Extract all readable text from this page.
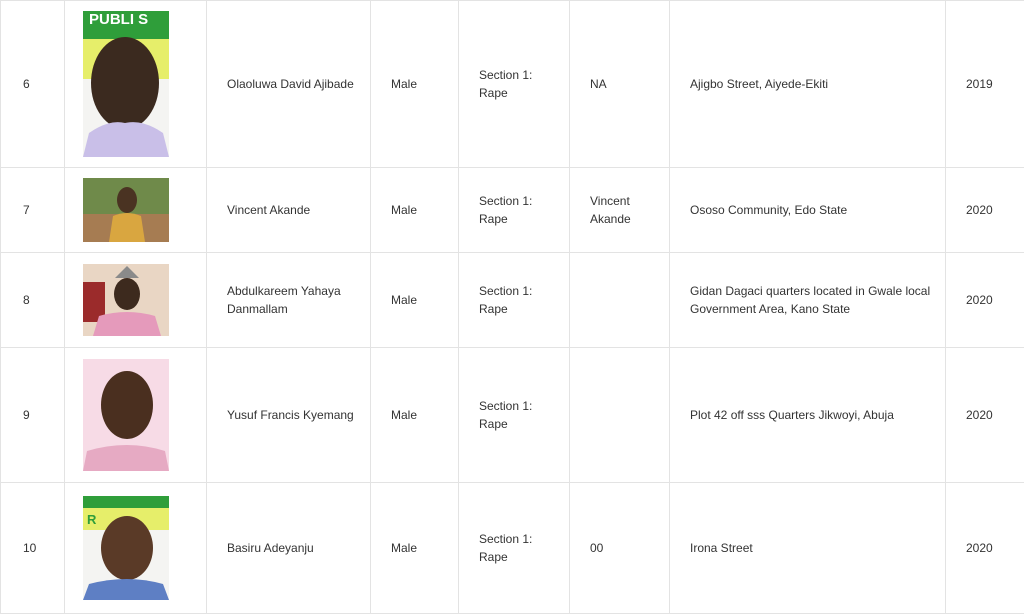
6	PUBLI S	Olaoluwa David Ajibade	Male	Section 1:
Rape	NA	Ajigbo Street, Aiyede-Ekiti	2019
7		Vincent Akande	Male	Section 1:
Rape	Vincent
Akande	Ososo Community, Edo State	2020
8		Abdulkareem Yahaya
Danmallam	Male	Section 1:
Rape		Gidan Dagaci quarters located in Gwale local
Government Area, Kano State	2020
9		Yusuf Francis Kyemang	Male	Section 1:
Rape		Plot 42 off sss Quarters Jikwoyi, Abuja	2020
10	R	Basiru Adeyanju	Male	Section 1:
Rape	00	Irona Street	2020
